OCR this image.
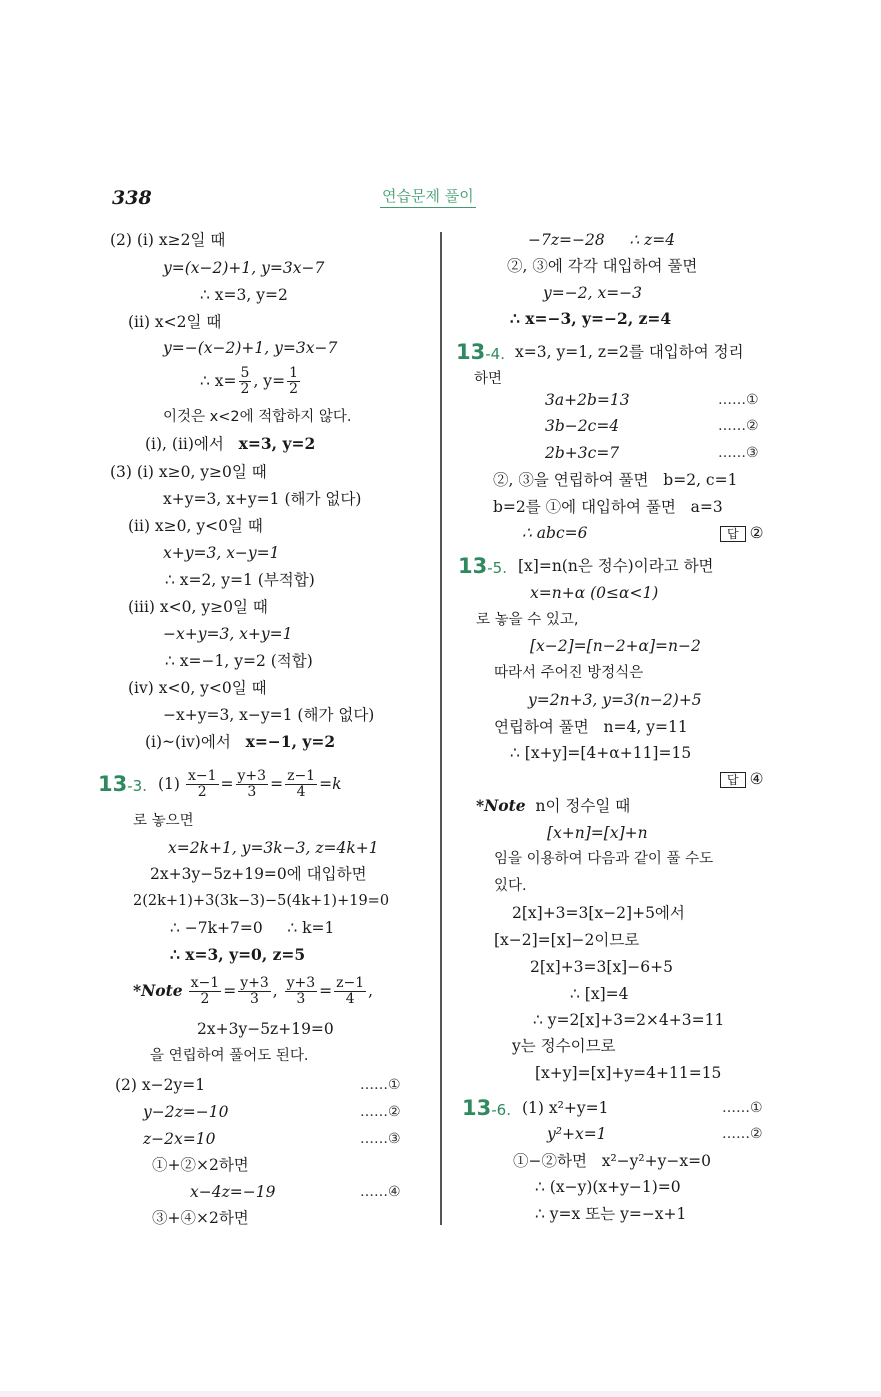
338	연습문제 풀이
(2) (i) x≥2일 때
y=(x−2)+1, y=3x−7
∴ x=3, y=2
(ii) x<2일 때
y=−(x−2)+1, y=3x−7
∴ $x= \frac{5}{2}$ , $y= \frac{1}{2}$
이것은 x<2에 적합하지 않다.
(i), (ii)에서 x=3, y=2
(3) (i) x≥0, y≥0일 때
x+y=3, x+y=1 (해가 없다)
(ii) x≥0, y<0일 때
x+y=3, x−y=1
∴ x=2, y=1 (부적합)
(iii) x<0, y≥0일 때
−x+y=3, x+y=1
∴ x=−1, y=2 (적합)
(iv) x<0, y<0일 때
−x+y=3, x−y=1 (해가 없다)
(i)~(iv)에서 x=−1, y=2
13-3. $(1) \frac{x-1}{2} = \frac{y+3}{3} = \frac{z-1}{4} =k$
로 놓으면
x=2k+1, y=3k−3, z=4k+1
2x+3y−5z+19=0에 대입하면
2(2k+1)+3(3k−3)−5(4k+1)+19=0
∴ −7k+7=0     ∴ k=1
∴ x=3, y=0, z=5
*Note $\frac{x-1}{2} = \frac{y+3}{3}$ , $\frac{y+3}{3} = \frac{z-1}{4}$ ,
2x+3y−5z+19=0
을 연립하여 풀어도 된다.
(2) x−2y=1	……①
y−2z=−10	……②
z−2x=10	……③
①+②×2하면
x−4z=−19	……④
③+④×2하면
−7z=−28     ∴ z=4
②, ③에 각각 대입하여 풀면
y=−2, x=−3
∴ x=−3, y=−2, z=4
13-4. x=3, y=1, z=2를 대입하여 정리
하면
3a+2b=13	……①
3b−2c=4	……②
2b+3c=7	……③
②, ③을 연립하여 풀면   b=2, c=1
b=2를 ①에 대입하여 풀면   a=3
∴ abc=6	답 ②
13-5. [x]=n(n은 정수)이라고 하면
x=n+α (0≤α<1)
로 놓을 수 있고,
[x−2]=[n−2+α]=n−2
따라서 주어진 방정식은
y=2n+3, y=3(n−2)+5
연립하여 풀면   n=4, y=11
∴ [x+y]=[4+α+11]=15
답 ④
*Note n이 정수일 때
[x+n]=[x]+n
임을 이용하여 다음과 같이 풀 수도
있다.
2[x]+3=3[x−2]+5에서
[x−2]=[x]−2이므로
2[x]+3=3[x]−6+5
∴ [x]=4
∴ y=2[x]+3=2×4+3=11
y는 정수이므로
[x+y]=[x]+y=4+11=15
13-6. (1) x²+y=1	……①
y²+x=1	……②
①−②하면   x²−y²+y−x=0
∴ (x−y)(x+y−1)=0
∴ y=x 또는 y=−x+1
